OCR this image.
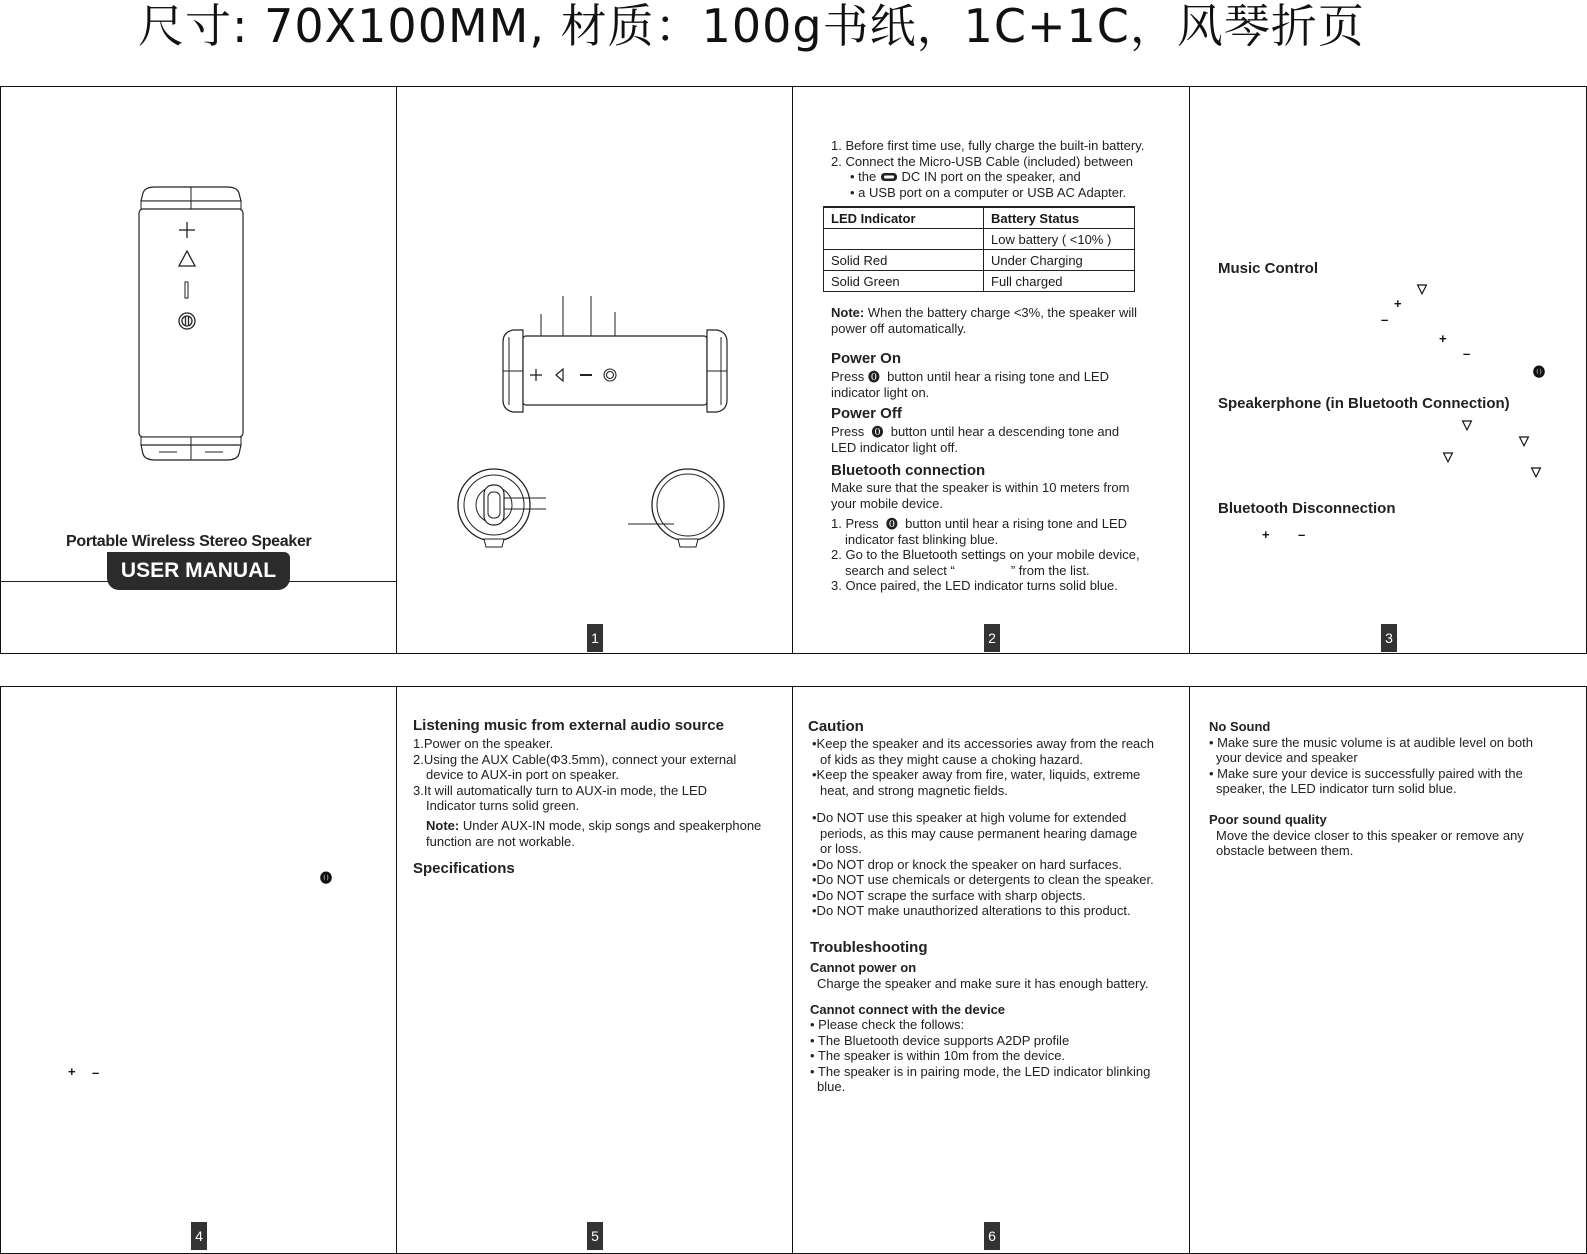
尺寸: 70X100MM, 材质：100g书纸，1C+1C，风琴折页
Portable Wireless Stereo Speaker
USER MANUAL
1. Before first time use, fully charge the built-in battery.
2. Connect the Micro-USB Cable (included) between
• the DC IN port on the speaker, and
• a USB port on a computer or USB AC Adapter.
LED Indicator	Battery Status
	Low battery ( <10% )
Solid Red	Under Charging
Solid Green	Full charged
Note: When the battery charge <3%, the speaker will
power off automatically.
Power On
Press ⓿ button until hear a rising tone and LED
indicator light on.
Power Off
Press ⓿ button until hear a descending tone and
LED indicator light off.
Bluetooth connection
Make sure that the speaker is within 10 meters from
your mobile device.
1. Press ⓿ button until hear a rising tone and LED
indicator fast blinking blue.
2. Go to the Bluetooth settings on your mobile device,
search and select “	” from the list.
3. Once paired, the LED indicator turns solid blue.
Music Control
▽
+
–
+
–
⓿
Speakerphone (in Bluetooth Connection)
▽
▽
▽
▽
Bluetooth Disconnection
+ –
1	2	3
⓿
+ –
Listening music from external audio source
1.Power on the speaker.
2.Using the AUX Cable(Φ3.5mm), connect your external
device to AUX-in port on speaker.
3.It will automatically turn to AUX-in mode, the LED
Indicator turns solid green.
Note: Under AUX-IN mode, skip songs and speakerphone
function are not workable.
Specifications
Caution
•Keep the speaker and its accessories away from the reach
of kids as they might cause a choking hazard.
•Keep the speaker away from fire, water, liquids, extreme
heat, and strong magnetic fields.
•Do NOT use this speaker at high volume for extended
periods, as this may cause permanent hearing damage
or loss.
•Do NOT drop or knock the speaker on hard surfaces.
•Do NOT use chemicals or detergents to clean the speaker.
•Do NOT scrape the surface with sharp objects.
•Do NOT make unauthorized alterations to this product.
Troubleshooting
Cannot power on
Charge the speaker and make sure it has enough battery.
Cannot connect with the device
• Please check the follows:
• The Bluetooth device supports A2DP profile
• The speaker is within 10m from the device.
• The speaker is in pairing mode, the LED indicator blinking
blue.
No Sound
• Make sure the music volume is at audible level on both
your device and speaker
• Make sure your device is successfully paired with the
speaker, the LED indicator turn solid blue.
Poor sound quality
Move the device closer to this speaker or remove any
obstacle between them.
4	5	6
